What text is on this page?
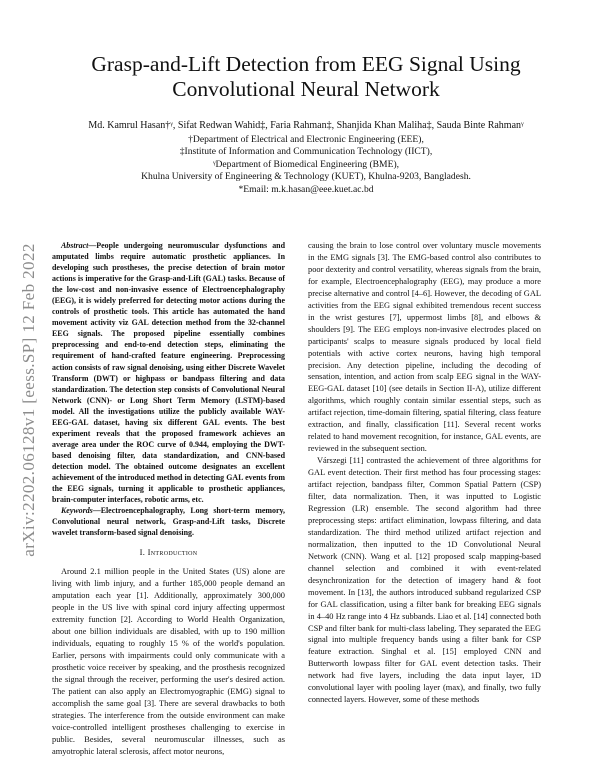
arXiv:2202.06128v1 [eess.SP] 12 Feb 2022
Grasp-and-Lift Detection from EEG Signal Using Convolutional Neural Network
Md. Kamrul Hasan†ᵞ, Sifat Redwan Wahid‡, Faria Rahman‡, Shanjida Khan Maliha‡, Sauda Binte Rahmanᵞ
†Department of Electrical and Electronic Engineering (EEE),
‡Institute of Information and Communication Technology (IICT),
ᵞDepartment of Biomedical Engineering (BME),
Khulna University of Engineering & Technology (KUET), Khulna-9203, Bangladesh.
*Email: m.k.hasan@eee.kuet.ac.bd

Abstract—People undergoing neuromuscular dysfunctions and amputated limbs require automatic prosthetic appliances. In developing such prostheses, the precise detection of brain motor actions is imperative for the Grasp-and-Lift (GAL) tasks. Because of the low-cost and non-invasive essence of Electroencephalography (EEG), it is widely preferred for detecting motor actions during the controls of prosthetic tools. This article has automated the hand movement activity viz GAL detection method from the 32-channel EEG signals. The proposed pipeline essentially combines preprocessing and end-to-end detection steps, eliminating the requirement of hand-crafted feature engineering. Preprocessing action consists of raw signal denoising, using either Discrete Wavelet Transform (DWT) or highpass or bandpass filtering and data standardization. The detection step consists of Convolutional Neural Network (CNN)- or Long Short Term Memory (LSTM)-based model. All the investigations utilize the publicly available WAY-EEG-GAL dataset, having six different GAL events. The best experiment reveals that the proposed framework achieves an average area under the ROC curve of 0.944, employing the DWT-based denoising filter, data standardization, and CNN-based detection model. The obtained outcome designates an excellent achievement of the introduced method in detecting GAL events from the EEG signals, turning it applicable to prosthetic appliances, brain-computer interfaces, robotic arms, etc.

Keywords—Electroencephalography, Long short-term memory, Convolutional neural network, Grasp-and-Lift tasks, Discrete wavelet transform-based signal denoising.

I. Introduction

Around 2.1 million people in the United States (US) alone are living with limb injury, and a further 185,000 people demand an amputation each year [1]. Additionally, approximately 300,000 people in the US live with spinal cord injury affecting uppermost extremity function [2]. According to World Health Organization, about one billion individuals are disabled, with up to 190 million individuals, equating to roughly 15 % of the world's population. Earlier, persons with impairments could only communicate with a prosthetic voice receiver by speaking, and the prosthesis recognized the signal through the receiver, performing the user's desired action. The patient can also apply an Electromyographic (EMG) signal to accomplish the same goal [3]. There are several drawbacks to both strategies. The interference from the outside environment can make voice-controlled intelligent prostheses challenging to exercise in public. Besides, several neuromuscular illnesses, such as amyotrophic lateral sclerosis, affect motor neurons,

causing the brain to lose control over voluntary muscle movements in the EMG signals [3]. The EMG-based control also contributes to poor dexterity and control versatility, whereas signals from the brain, for example, Electroencephalography (EEG), may produce a more precise alternative and control [4–6]. However, the decoding of GAL activities from the EEG signal exhibited tremendous recent success in the wrist gestures [7], uppermost limbs [8], and elbows & shoulders [9]. The EEG employs non-invasive electrodes placed on participants' scalps to measure signals produced by local field potentials with active cortex neurons, having high temporal precision. Any detection pipeline, including the decoding of sensation, intention, and action from scalp EEG signal in the WAY-EEG-GAL dataset [10] (see details in Section II-A), utilize different algorithms, which roughly contain similar essential steps, such as artifact rejection, time-domain filtering, spatial filtering, class feature extraction, and finally, classification [11]. Several recent works related to hand movement recognition, for instance, GAL events, are reviewed in the subsequent section.

Várszegi [11] contrasted the achievement of three algorithms for GAL event detection. Their first method has four processing stages: artifact rejection, bandpass filter, Common Spatial Pattern (CSP) filter, data normalization. Then, it was inputted to Logistic Regression (LR) ensemble. The second algorithm had three preprocessing steps: artifact elimination, lowpass filtering, and data standardization. The third method utilized artifact rejection and normalization, then inputted to the 1D Convolutional Neural Network (CNN). Wang et al. [12] proposed scalp mapping-based channel selection and combined it with event-related desynchronization for the detection of imagery hand & foot movement. In [13], the authors introduced subband regularized CSP for GAL classification, using a filter bank for breaking EEG signals in 4–40 Hz range into 4 Hz subbands. Liao et al. [14] connected both CSP and filter bank for multi-class labeling. They separated the EEG signal into multiple frequency bands using a filter bank for CSP feature extraction. Singhal et al. [15] employed CNN and Butterworth lowpass filter for GAL event detection tasks. Their network had five layers, including the data input layer, 1D convolutional layer with pooling layer (max), and finally, two fully connected layers. However, some of these methods
